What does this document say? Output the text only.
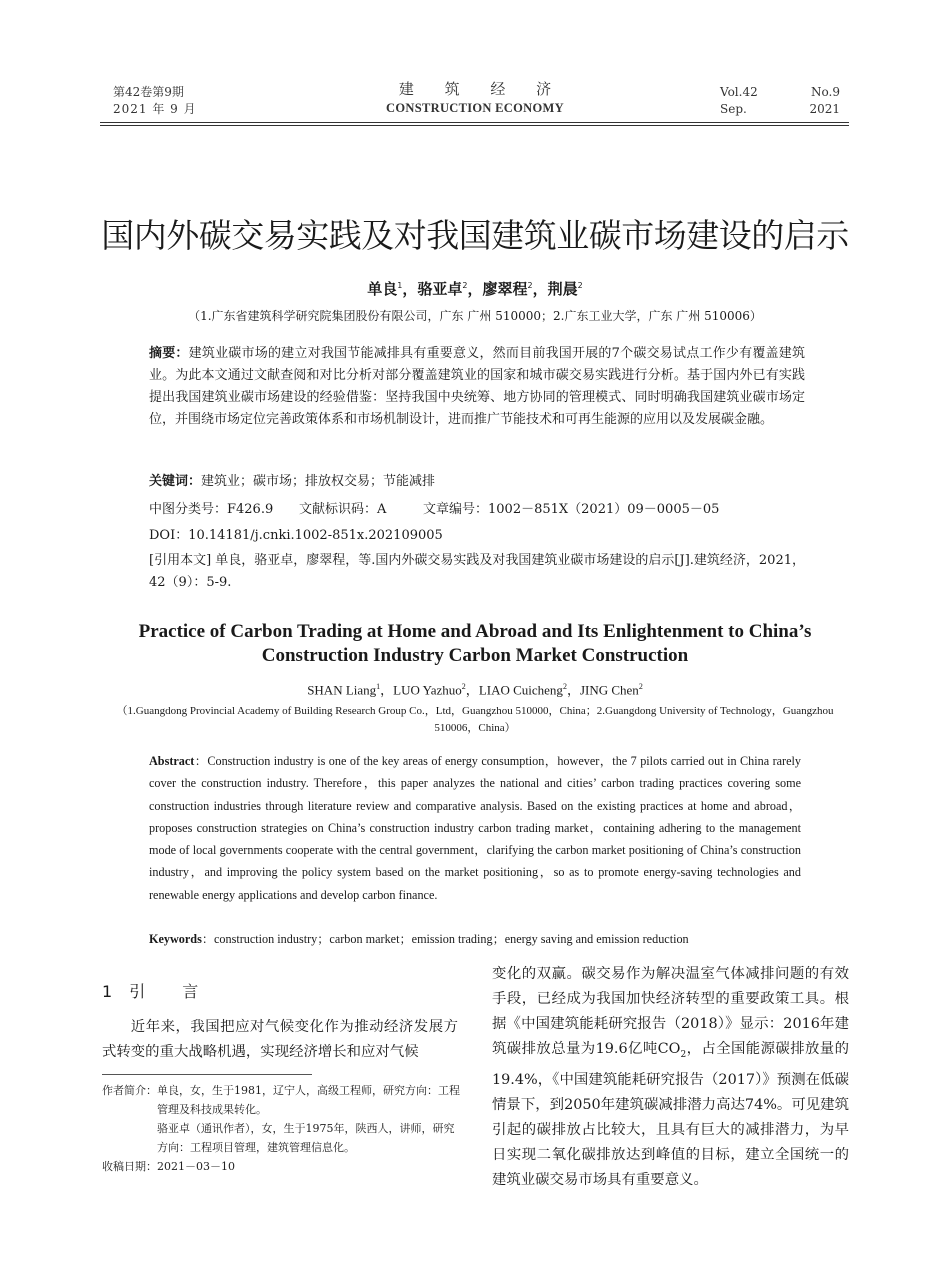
第42卷第9期
2021 年 9 月
建 筑 经 济
CONSTRUCTION ECONOMY
Vol.42	No.9
Sep.	2021
国内外碳交易实践及对我国建筑业碳市场建设的启示
单良$^1$，骆亚卓$^2$，廖翠程$^2$，荆晨$^2$
（1.广东省建筑科学研究院集团股份有限公司，广东 广州 510000；2.广东工业大学，广东 广州 510006）
摘要：建筑业碳市场的建立对我国节能减排具有重要意义，然而目前我国开展的7个碳交易试点工作少有覆盖建筑业。为此本文通过文献查阅和对比分析对部分覆盖建筑业的国家和城市碳交易实践进行分析。基于国内外已有实践提出我国建筑业碳市场建设的经验借鉴：坚持我国中央统筹、地方协同的管理模式、同时明确我国建筑业碳市场定位，并围绕市场定位完善政策体系和市场机制设计，进而推广节能技术和可再生能源的应用以及发展碳金融。
关键词：建筑业；碳市场；排放权交易；节能减排
中图分类号：F426.9 文献标识码：A	文章编号：1002－851X（2021）09－0005－05
DOI：10.14181/j.cnki.1002-851x.202109005
[引用本文] 单良，骆亚卓，廖翠程，等.国内外碳交易实践及对我国建筑业碳市场建设的启示[J].建筑经济，2021，42（9）：5-9.
Practice of Carbon Trading at Home and Abroad and Its Enlightenment to China’s Construction Industry Carbon Market Construction
SHAN Liang$^1$，LUO Yazhuo$^2$，LIAO Cuicheng$^2$，JING Chen$^2$
（1.Guangdong Provincial Academy of Building Research Group Co.，Ltd，Guangzhou 510000，China；2.Guangdong University of Technology，Guangzhou 510006，China）
Abstract：Construction industry is one of the key areas of energy consumption，however，the 7 pilots carried out in China rarely cover the construction industry. Therefore，this paper analyzes the national and cities’ carbon trading practices covering some construction industries through literature review and comparative analysis. Based on the existing practices at home and abroad，proposes construction strategies on China’s construction industry carbon trading market，containing adhering to the management mode of local governments cooperate with the central government，clarifying the carbon market positioning of China’s construction industry，and improving the policy system based on the market positioning，so as to promote energy-saving technologies and renewable energy applications and develop carbon finance.
Keywords：construction industry；carbon market；emission trading；energy saving and emission reduction
1 引 言
近年来，我国把应对气候变化作为推动经济发展方式转变的重大战略机遇，实现经济增长和应对气候
作者简介：单良，女，生于1981，辽宁人，高级工程师，研究方向：工程管理及科技成果转化。
骆亚卓（通讯作者），女，生于1975年，陕西人，讲师，研究方向：工程项目管理，建筑管理信息化。
收稿日期：2021－03－10
变化的双赢。碳交易作为解决温室气体减排问题的有效手段，已经成为我国加快经济转型的重要政策工具。根据《中国建筑能耗研究报告（2018）》显示：2016年建筑碳排放总量为19.6亿吨$CO_2$，占全国能源碳排放量的19.4%，《中国建筑能耗研究报告（2017）》预测在低碳情景下，到2050年建筑碳减排潜力高达74%。可见建筑引起的碳排放占比较大，且具有巨大的减排潜力，为早日实现二氧化碳排放达到峰值的目标，建立全国统一的建筑业碳交易市场具有重要意义。
